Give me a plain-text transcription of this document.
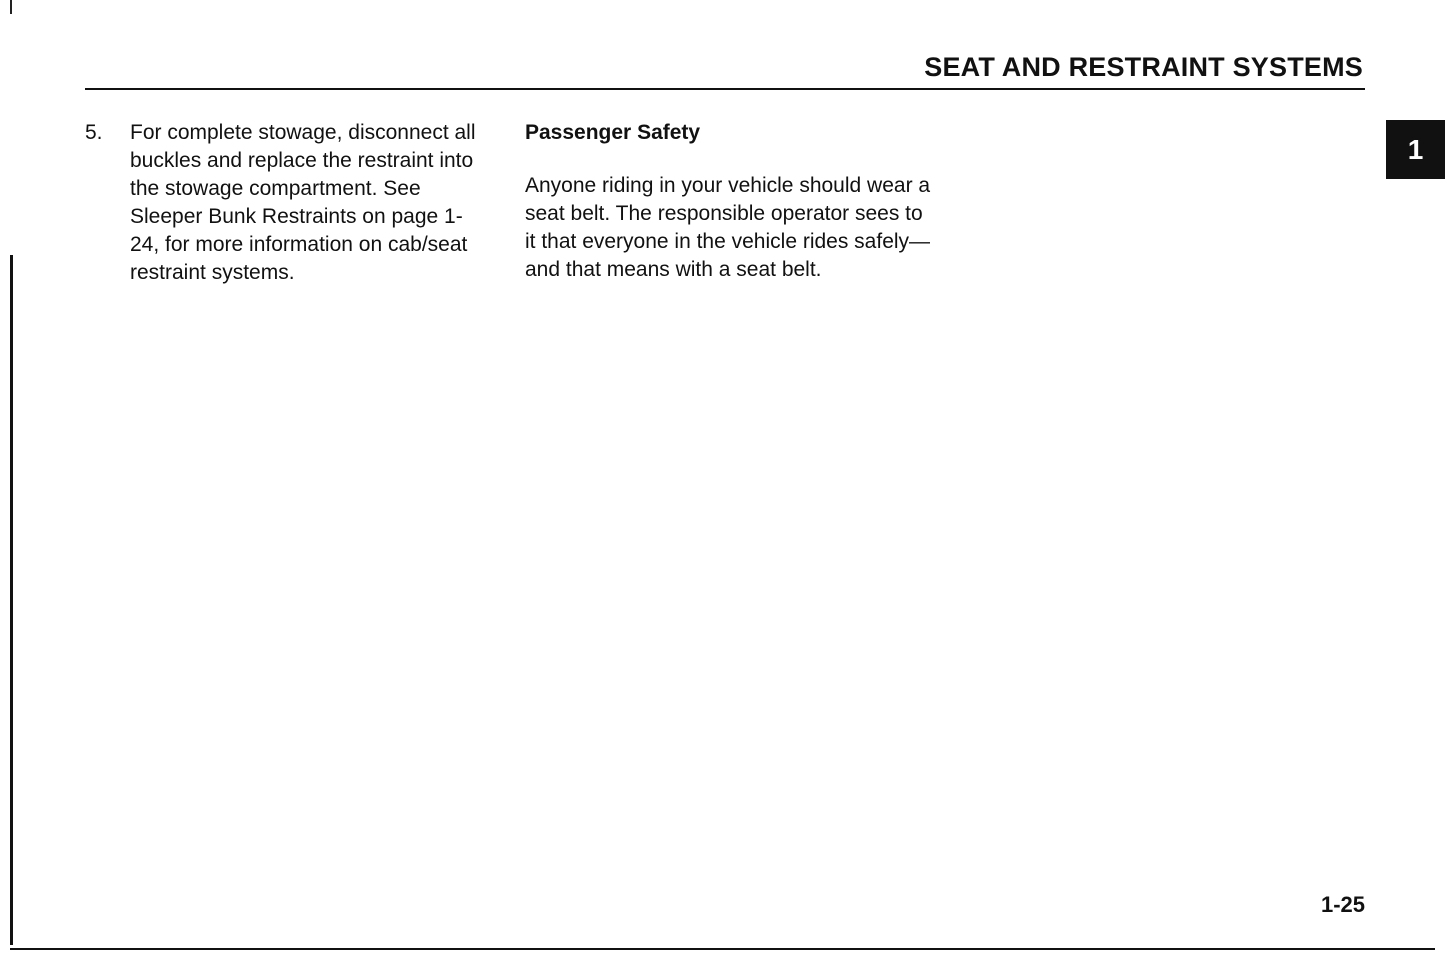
SEAT AND RESTRAINT SYSTEMS
1
5.	For complete stowage, disconnect all buckles and replace the restraint into the stowage compartment. See Sleeper Bunk Restraints on page 1-24, for more information on cab/seat restraint systems.

Passenger Safety

Anyone riding in your vehicle should wear a seat belt. The responsible operator sees to it that everyone in the vehicle rides safely—and that means with a seat belt.

1-25
